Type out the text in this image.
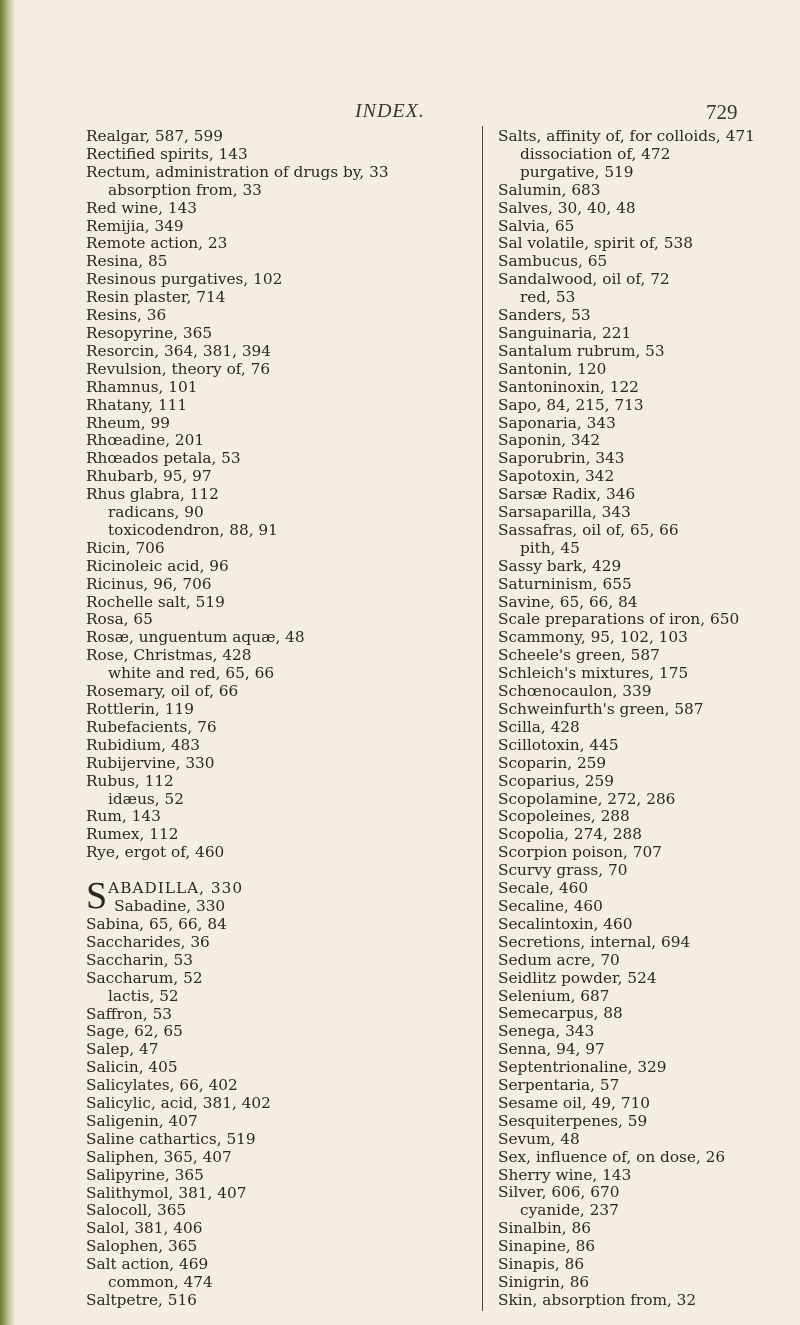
INDEX.	729
Realgar, 587, 599
Rectified spirits, 143
Rectum, administration of drugs by, 33
absorption from, 33
Red wine, 143
Remijia, 349
Remote action, 23
Resina, 85
Resinous purgatives, 102
Resin plaster, 714
Resins, 36
Resopyrine, 365
Resorcin, 364, 381, 394
Revulsion, theory of, 76
Rhamnus, 101
Rhatany, 111
Rheum, 99
Rhœadine, 201
Rhœados petala, 53
Rhubarb, 95, 97
Rhus glabra, 112
radicans, 90
toxicodendron, 88, 91
Ricin, 706
Ricinoleic acid, 96
Ricinus, 96, 706
Rochelle salt, 519
Rosa, 65
Rosæ, unguentum aquæ, 48
Rose, Christmas, 428
white and red, 65, 66
Rosemary, oil of, 66
Rottlerin, 119
Rubefacients, 76
Rubidium, 483
Rubijervine, 330
Rubus, 112
idæus, 52
Rum, 143
Rumex, 112
Rye, ergot of, 460
S ABADILLA, 330
Sabadine, 330
Sabina, 65, 66, 84
Saccharides, 36
Saccharin, 53
Saccharum, 52
lactis, 52
Saffron, 53
Sage, 62, 65
Salep, 47
Salicin, 405
Salicylates, 66, 402
Salicylic, acid, 381, 402
Saligenin, 407
Saline cathartics, 519
Saliphen, 365, 407
Salipyrine, 365
Salithymol, 381, 407
Salocoll, 365
Salol, 381, 406
Salophen, 365
Salt action, 469
common, 474
Saltpetre, 516
Salts, affinity of, for colloids, 471
dissociation of, 472
purgative, 519
Salumin, 683
Salves, 30, 40, 48
Salvia, 65
Sal volatile, spirit of, 538
Sambucus, 65
Sandalwood, oil of, 72
red, 53
Sanders, 53
Sanguinaria, 221
Santalum rubrum, 53
Santonin, 120
Santoninoxin, 122
Sapo, 84, 215, 713
Saponaria, 343
Saponin, 342
Saporubrin, 343
Sapotoxin, 342
Sarsæ Radix, 346
Sarsaparilla, 343
Sassafras, oil of, 65, 66
pith, 45
Sassy bark, 429
Saturninism, 655
Savine, 65, 66, 84
Scale preparations of iron, 650
Scammony, 95, 102, 103
Scheele's green, 587
Schleich's mixtures, 175
Schœnocaulon, 339
Schweinfurth's green, 587
Scilla, 428
Scillotoxin, 445
Scoparin, 259
Scoparius, 259
Scopolamine, 272, 286
Scopoleines, 288
Scopolia, 274, 288
Scorpion poison, 707
Scurvy grass, 70
Secale, 460
Secaline, 460
Secalintoxin, 460
Secretions, internal, 694
Sedum acre, 70
Seidlitz powder, 524
Selenium, 687
Semecarpus, 88
Senega, 343
Senna, 94, 97
Septentrionaline, 329
Serpentaria, 57
Sesame oil, 49, 710
Sesquiterpenes, 59
Sevum, 48
Sex, influence of, on dose, 26
Sherry wine, 143
Silver, 606, 670
cyanide, 237
Sinalbin, 86
Sinapine, 86
Sinapis, 86
Sinigrin, 86
Skin, absorption from, 32
